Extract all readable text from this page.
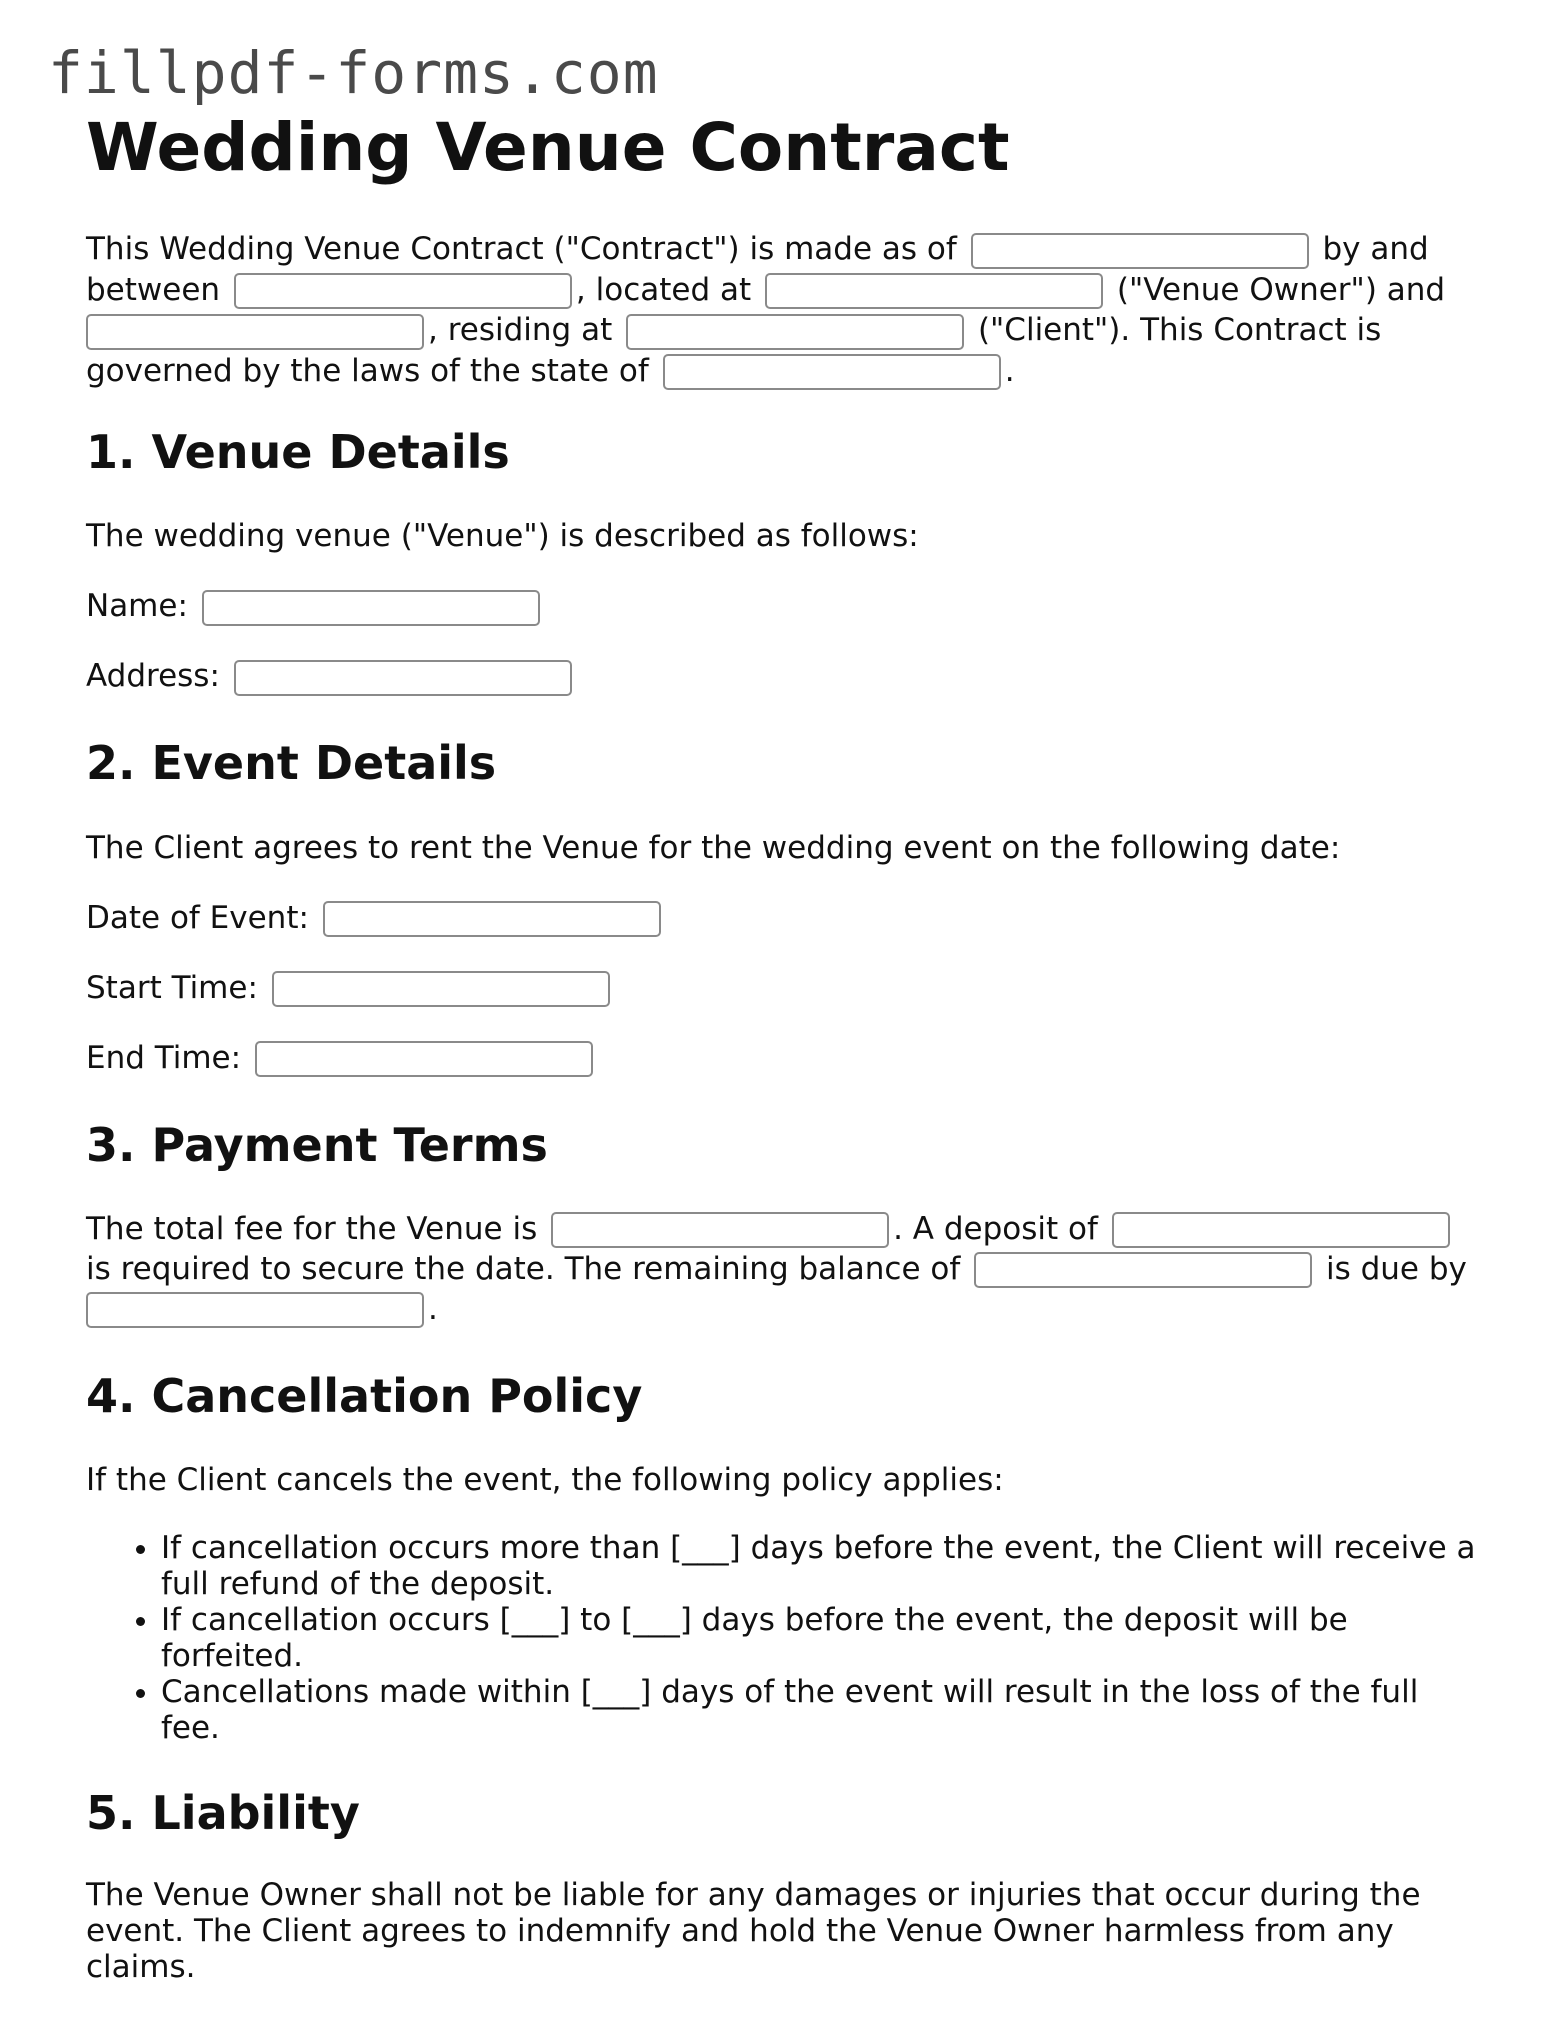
fillpdf-forms.com
Wedding Venue Contract

This Wedding Venue Contract ("Contract") is made as of	by and between	, located at	("Venue Owner") and , residing at	("Client"). This Contract is governed by the laws of the state of	.

1. Venue Details

The wedding venue ("Venue") is described as follows:

Name:
Address:
2. Event Details

The Client agrees to rent the Venue for the wedding event on the following date:

Date of Event:
Start Time:
End Time:
3. Payment Terms

The total fee for the Venue is	. A deposit of  is required to secure the date. The remaining balance of	is due by .

4. Cancellation Policy

If the Client cancels the event, the following policy applies:

• If cancellation occurs more than [___] days before the event, the Client will receive a full refund of the deposit.
• If cancellation occurs [___] to [___] days before the event, the deposit will be forfeited.
• Cancellations made within [___] days of the event will result in the loss of the full fee.
5. Liability

The Venue Owner shall not be liable for any damages or injuries that occur during the event. The Client agrees to indemnify and hold the Venue Owner harmless from any claims.
